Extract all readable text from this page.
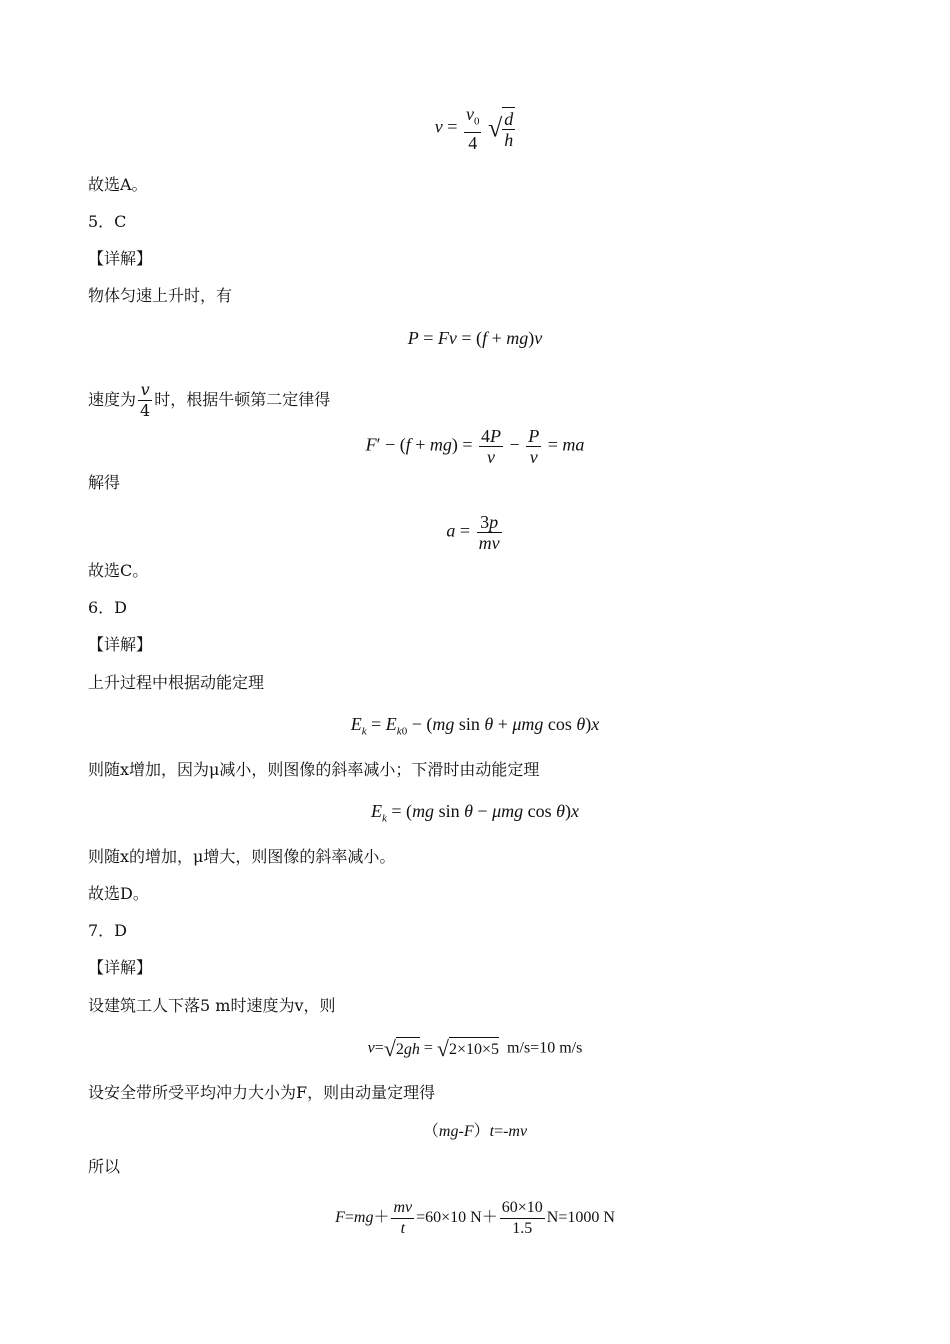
$v = \frac{v_0}{4}$ √ $\frac{d}{h}$
故选A。
5．C
【详解】
物体匀速上升时，有
P = Fv = (f + mg)v
速度为 $\frac{v}{4}$ 时，根据牛顿第二定律得
$F' - (f + mg) = \frac{4P}{v} - \frac{P}{v}$ = ma
解得
$a = \frac{3p}{mv}$
故选C。
6．D
【详解】
上升过程中根据动能定理
$E_k = E_{k0} - (mg$ sin θ + μmg cos θ)x
则随x增加，因为μ减小，则图像的斜率减小；下滑时由动能定理
$E_k = (mg$ sin θ − μmg cos θ)x
则随x的增加，μ增大，则图像的斜率减小。
故选D。
7．D
【详解】
设建筑工人下落5 m时速度为v，则
v=√2gh = √2×10×5  m/s=10 m/s
设安全带所受平均冲力大小为F，则由动量定理得
（mg-F）t=-mv
所以
$F=mg+ \frac{mv}{t} =60\times 10$ $N+ \frac{60\times 10}{1.5} N=1000$ N
